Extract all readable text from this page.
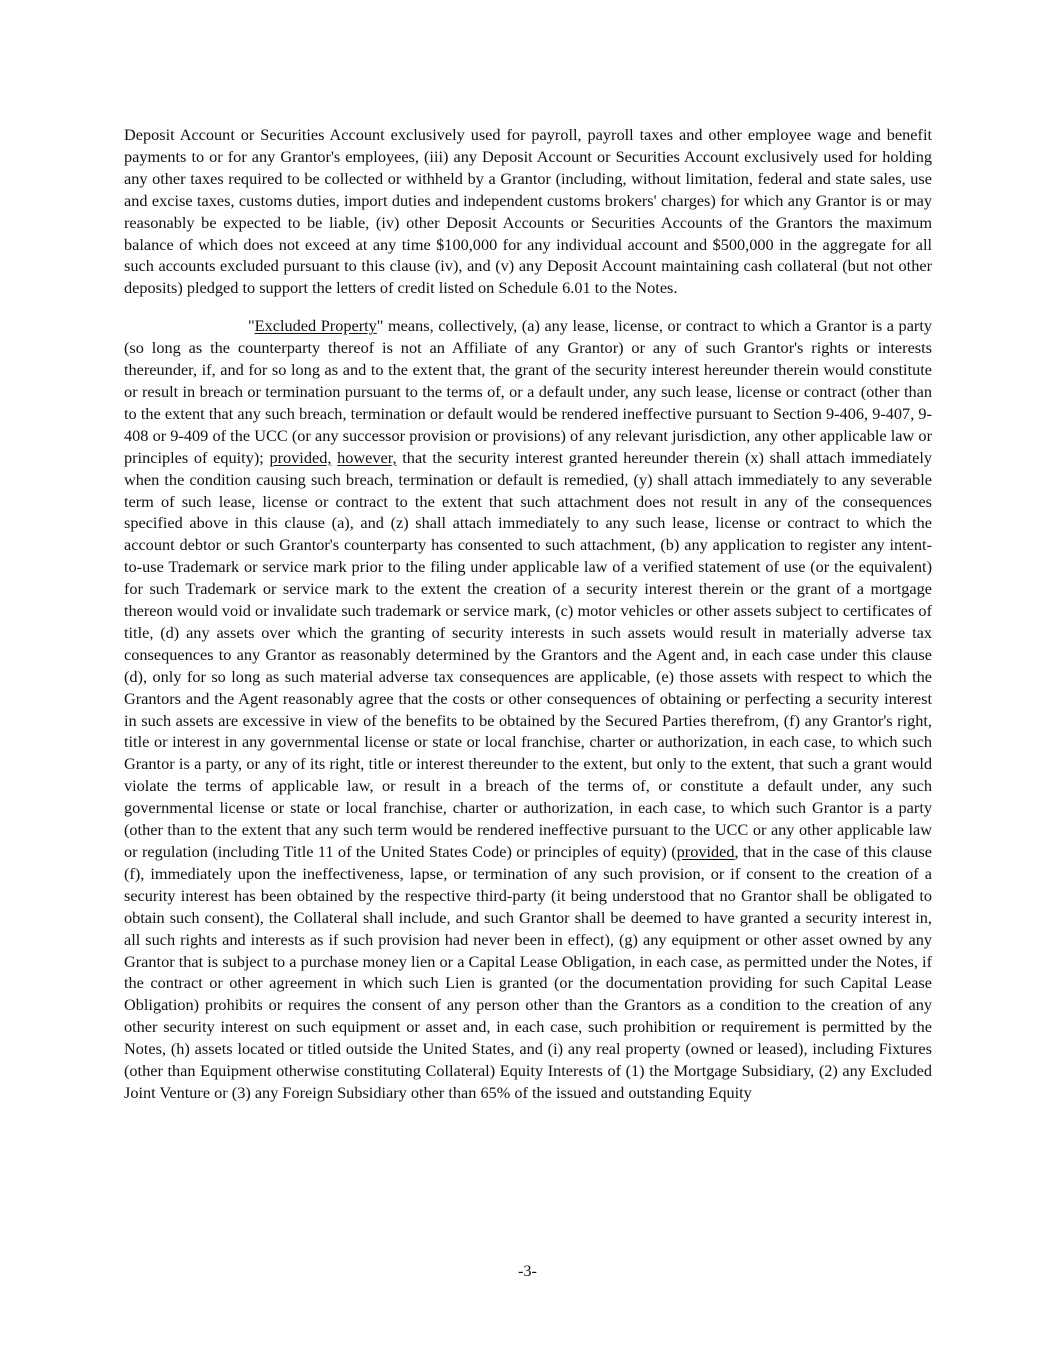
Deposit Account or Securities Account exclusively used for payroll, payroll taxes and other employee wage and benefit payments to or for any Grantor's employees, (iii) any Deposit Account or Securities Account exclusively used for holding any other taxes required to be collected or withheld by a Grantor (including, without limitation, federal and state sales, use and excise taxes, customs duties, import duties and independent customs brokers' charges) for which any Grantor is or may reasonably be expected to be liable, (iv) other Deposit Accounts or Securities Accounts of the Grantors the maximum balance of which does not exceed at any time $100,000 for any individual account and $500,000 in the aggregate for all such accounts excluded pursuant to this clause (iv), and (v) any Deposit Account maintaining cash collateral (but not other deposits) pledged to support the letters of credit listed on Schedule 6.01 to the Notes.

"Excluded Property" means, collectively, (a) any lease, license, or contract to which a Grantor is a party (so long as the counterparty thereof is not an Affiliate of any Grantor) or any of such Grantor's rights or interests thereunder, if, and for so long as and to the extent that, the grant of the security interest hereunder therein would constitute or result in breach or termination pursuant to the terms of, or a default under, any such lease, license or contract (other than to the extent that any such breach, termination or default would be rendered ineffective pursuant to Section 9-406, 9-407, 9-408 or 9-409 of the UCC (or any successor provision or provisions) of any relevant jurisdiction, any other applicable law or principles of equity); provided, however, that the security interest granted hereunder therein (x) shall attach immediately when the condition causing such breach, termination or default is remedied, (y) shall attach immediately to any severable term of such lease, license or contract to the extent that such attachment does not result in any of the consequences specified above in this clause (a), and (z) shall attach immediately to any such lease, license or contract to which the account debtor or such Grantor's counterparty has consented to such attachment, (b) any application to register any intent-to-use Trademark or service mark prior to the filing under applicable law of a verified statement of use (or the equivalent) for such Trademark or service mark to the extent the creation of a security interest therein or the grant of a mortgage thereon would void or invalidate such trademark or service mark, (c) motor vehicles or other assets subject to certificates of title, (d) any assets over which the granting of security interests in such assets would result in materially adverse tax consequences to any Grantor as reasonably determined by the Grantors and the Agent and, in each case under this clause (d), only for so long as such material adverse tax consequences are applicable, (e) those assets with respect to which the Grantors and the Agent reasonably agree that the costs or other consequences of obtaining or perfecting a security interest in such assets are excessive in view of the benefits to be obtained by the Secured Parties therefrom, (f) any Grantor's right, title or interest in any governmental license or state or local franchise, charter or authorization, in each case, to which such Grantor is a party, or any of its right, title or interest thereunder to the extent, but only to the extent, that such a grant would violate the terms of applicable law, or result in a breach of the terms of, or constitute a default under, any such governmental license or state or local franchise, charter or authorization, in each case, to which such Grantor is a party (other than to the extent that any such term would be rendered ineffective pursuant to the UCC or any other applicable law or regulation (including Title 11 of the United States Code) or principles of equity) (provided, that in the case of this clause (f), immediately upon the ineffectiveness, lapse, or termination of any such provision, or if consent to the creation of a security interest has been obtained by the respective third-party (it being understood that no Grantor shall be obligated to obtain such consent), the Collateral shall include, and such Grantor shall be deemed to have granted a security interest in, all such rights and interests as if such provision had never been in effect), (g) any equipment or other asset owned by any Grantor that is subject to a purchase money lien or a Capital Lease Obligation, in each case, as permitted under the Notes, if the contract or other agreement in which such Lien is granted (or the documentation providing for such Capital Lease Obligation) prohibits or requires the consent of any person other than the Grantors as a condition to the creation of any other security interest on such equipment or asset and, in each case, such prohibition or requirement is permitted by the Notes, (h) assets located or titled outside the United States, and (i) any real property (owned or leased), including Fixtures (other than Equipment otherwise constituting Collateral) Equity Interests of (1) the Mortgage Subsidiary, (2) any Excluded Joint Venture or (3) any Foreign Subsidiary other than 65% of the issued and outstanding Equity

-3-
